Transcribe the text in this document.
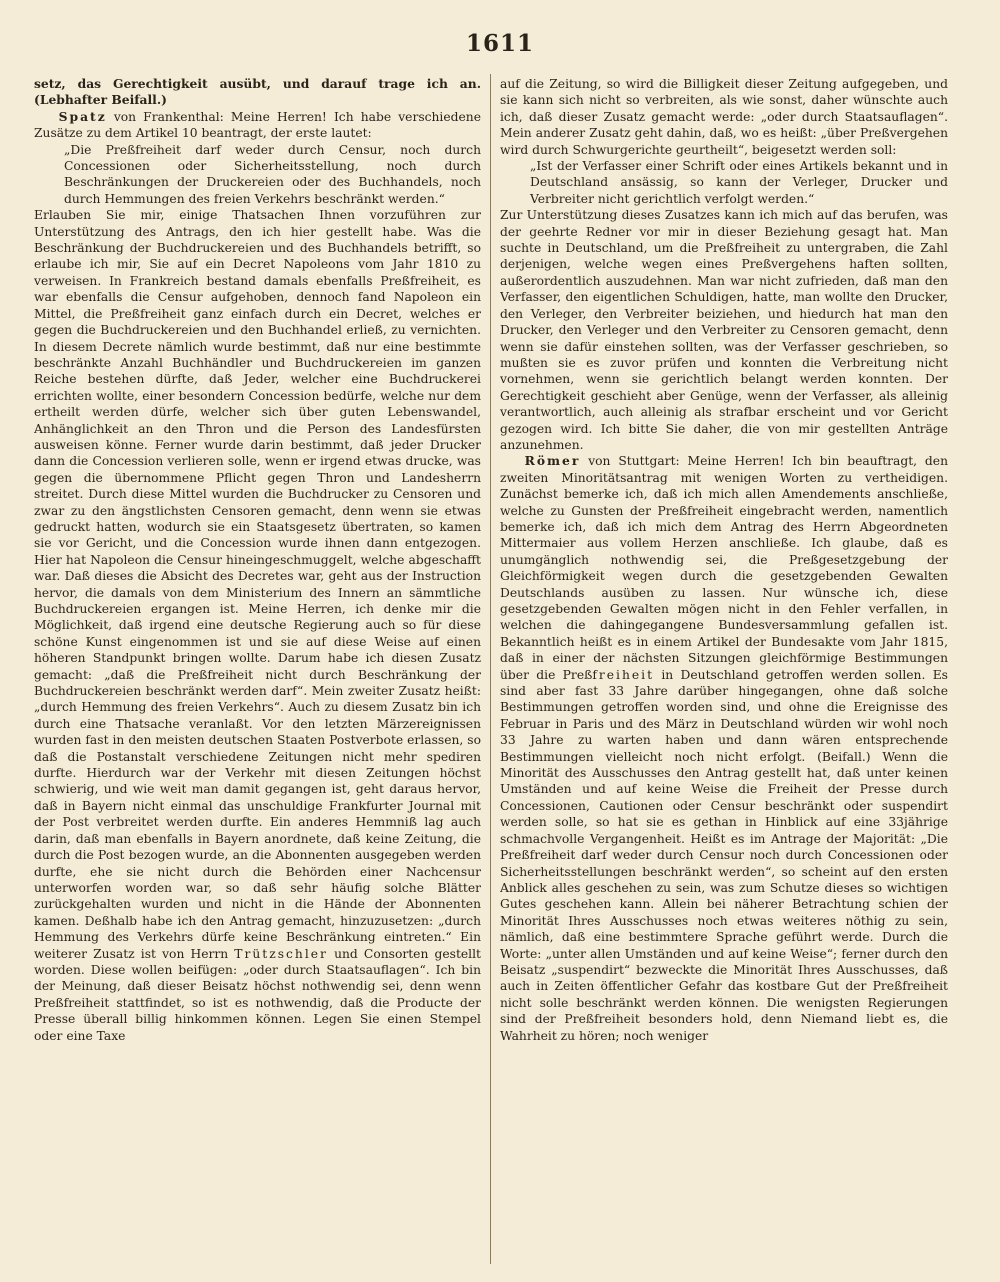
1611

setz, das Gerechtigkeit ausübt, und darauf trage ich an. (Lebhafter Beifall.)

Spatz von Frankenthal: Meine Herren! Ich habe verschiedene Zusätze zu dem Artikel 10 beantragt, der erste lautet:

„Die Preßfreiheit darf weder durch Censur, noch durch Concessionen oder Sicherheitsstellung, noch durch Beschränkungen der Druckereien oder des Buchhandels, noch durch Hemmungen des freien Verkehrs beschränkt werden.“

Erlauben Sie mir, einige Thatsachen Ihnen vorzuführen zur Unterstützung des Antrags, den ich hier gestellt habe. Was die Beschränkung der Buchdruckereien und des Buchhandels betrifft, so erlaube ich mir, Sie auf ein Decret Napoleons vom Jahr 1810 zu verweisen. In Frankreich bestand damals ebenfalls Preßfreiheit, es war ebenfalls die Censur aufgehoben, dennoch fand Napoleon ein Mittel, die Preßfreiheit ganz einfach durch ein Decret, welches er gegen die Buchdruckereien und den Buchhandel erließ, zu vernichten. In diesem Decrete nämlich wurde bestimmt, daß nur eine bestimmte beschränkte Anzahl Buchhändler und Buchdruckereien im ganzen Reiche bestehen dürfte, daß Jeder, welcher eine Buchdruckerei errichten wollte, einer besondern Concession bedürfe, welche nur dem ertheilt werden dürfe, welcher sich über guten Lebenswandel, Anhänglichkeit an den Thron und die Person des Landesfürsten ausweisen könne. Ferner wurde darin bestimmt, daß jeder Drucker dann die Concession verlieren solle, wenn er irgend etwas drucke, was gegen die übernommene Pflicht gegen Thron und Landesherrn streitet. Durch diese Mittel wurden die Buchdrucker zu Censoren und zwar zu den ängstlichsten Censoren gemacht, denn wenn sie etwas gedruckt hatten, wodurch sie ein Staatsgesetz übertraten, so kamen sie vor Gericht, und die Concession wurde ihnen dann entgezogen. Hier hat Napoleon die Censur hineingeschmuggelt, welche abgeschafft war. Daß dieses die Absicht des Decretes war, geht aus der Instruction hervor, die damals von dem Ministerium des Innern an sämmtliche Buchdruckereien ergangen ist. Meine Herren, ich denke mir die Möglichkeit, daß irgend eine deutsche Regierung auch so für diese schöne Kunst eingenommen ist und sie auf diese Weise auf einen höheren Standpunkt bringen wollte. Darum habe ich diesen Zusatz gemacht: „daß die Preßfreiheit nicht durch Beschränkung der Buchdruckereien beschränkt werden darf“. Mein zweiter Zusatz heißt: „durch Hemmung des freien Verkehrs“. Auch zu diesem Zusatz bin ich durch eine Thatsache veranlaßt. Vor den letzten Märzereignissen wurden fast in den meisten deutschen Staaten Postverbote erlassen, so daß die Postanstalt verschiedene Zeitungen nicht mehr spediren durfte. Hierdurch war der Verkehr mit diesen Zeitungen höchst schwierig, und wie weit man damit gegangen ist, geht daraus hervor, daß in Bayern nicht einmal das unschuldige Frankfurter Journal mit der Post verbreitet werden durfte. Ein anderes Hemmniß lag auch darin, daß man ebenfalls in Bayern anordnete, daß keine Zeitung, die durch die Post bezogen wurde, an die Abonnenten ausgegeben werden durfte, ehe sie nicht durch die Behörden einer Nachcensur unterworfen worden war, so daß sehr häufig solche Blätter zurückgehalten wurden und nicht in die Hände der Abonnenten kamen. Deßhalb habe ich den Antrag gemacht, hinzuzusetzen: „durch Hemmung des Verkehrs dürfe keine Beschränkung eintreten.“ Ein weiterer Zusatz ist von Herrn Trützschler und Consorten gestellt worden. Diese wollen beifügen: „oder durch Staatsauflagen“. Ich bin der Meinung, daß dieser Beisatz höchst nothwendig sei, denn wenn Preßfreiheit stattfindet, so ist es nothwendig, daß die Producte der Presse überall billig hinkommen können. Legen Sie einen Stempel oder eine Taxe

auf die Zeitung, so wird die Billigkeit dieser Zeitung aufgegeben, und sie kann sich nicht so verbreiten, als wie sonst, daher wünschte auch ich, daß dieser Zusatz gemacht werde: „oder durch Staatsauflagen“. Mein anderer Zusatz geht dahin, daß, wo es heißt: „über Preßvergehen wird durch Schwurgerichte geurtheilt“, beigesetzt werden soll:

„Ist der Verfasser einer Schrift oder eines Artikels bekannt und in Deutschland ansässig, so kann der Verleger, Drucker und Verbreiter nicht gerichtlich verfolgt werden.“

Zur Unterstützung dieses Zusatzes kann ich mich auf das berufen, was der geehrte Redner vor mir in dieser Beziehung gesagt hat. Man suchte in Deutschland, um die Preßfreiheit zu untergraben, die Zahl derjenigen, welche wegen eines Preßvergehens haften sollten, außerordentlich auszudehnen. Man war nicht zufrieden, daß man den Verfasser, den eigentlichen Schuldigen, hatte, man wollte den Drucker, den Verleger, den Verbreiter beiziehen, und hiedurch hat man den Drucker, den Verleger und den Verbreiter zu Censoren gemacht, denn wenn sie dafür einstehen sollten, was der Verfasser geschrieben, so mußten sie es zuvor prüfen und konnten die Verbreitung nicht vornehmen, wenn sie gerichtlich belangt werden konnten. Der Gerechtigkeit geschieht aber Genüge, wenn der Verfasser, als alleinig verantwortlich, auch alleinig als strafbar erscheint und vor Gericht gezogen wird. Ich bitte Sie daher, die von mir gestellten Anträge anzunehmen.

Römer von Stuttgart: Meine Herren! Ich bin beauftragt, den zweiten Minoritätsantrag mit wenigen Worten zu vertheidigen. Zunächst bemerke ich, daß ich mich allen Amendements anschließe, welche zu Gunsten der Preßfreiheit eingebracht werden, namentlich bemerke ich, daß ich mich dem Antrag des Herrn Abgeordneten Mittermaier aus vollem Herzen anschließe. Ich glaube, daß es unumgänglich nothwendig sei, die Preßgesetzgebung der Gleichförmigkeit wegen durch die gesetzgebenden Gewalten Deutschlands ausüben zu lassen. Nur wünsche ich, diese gesetzgebenden Gewalten mögen nicht in den Fehler verfallen, in welchen die dahingegangene Bundesversammlung gefallen ist. Bekanntlich heißt es in einem Artikel der Bundesakte vom Jahr 1815, daß in einer der nächsten Sitzungen gleichförmige Bestimmungen über die Preßfreiheit in Deutschland getroffen werden sollen. Es sind aber fast 33 Jahre darüber hingegangen, ohne daß solche Bestimmungen getroffen worden sind, und ohne die Ereignisse des Februar in Paris und des März in Deutschland würden wir wohl noch 33 Jahre zu warten haben und dann wären entsprechende Bestimmungen vielleicht noch nicht erfolgt. (Beifall.) Wenn die Minorität des Ausschusses den Antrag gestellt hat, daß unter keinen Umständen und auf keine Weise die Freiheit der Presse durch Concessionen, Cautionen oder Censur beschränkt oder suspendirt werden solle, so hat sie es gethan in Hinblick auf eine 33jährige schmachvolle Vergangenheit. Heißt es im Antrage der Majorität: „Die Preßfreiheit darf weder durch Censur noch durch Concessionen oder Sicherheitsstellungen beschränkt werden“, so scheint auf den ersten Anblick alles geschehen zu sein, was zum Schutze dieses so wichtigen Gutes geschehen kann. Allein bei näherer Betrachtung schien der Minorität Ihres Ausschusses noch etwas weiteres nöthig zu sein, nämlich, daß eine bestimmtere Sprache geführt werde. Durch die Worte: „unter allen Umständen und auf keine Weise“; ferner durch den Beisatz „suspendirt“ bezweckte die Minorität Ihres Ausschusses, daß auch in Zeiten öffentlicher Gefahr das kostbare Gut der Preßfreiheit nicht solle beschränkt werden können. Die wenigsten Regierungen sind der Preßfreiheit besonders hold, denn Niemand liebt es, die Wahrheit zu hören; noch weniger
